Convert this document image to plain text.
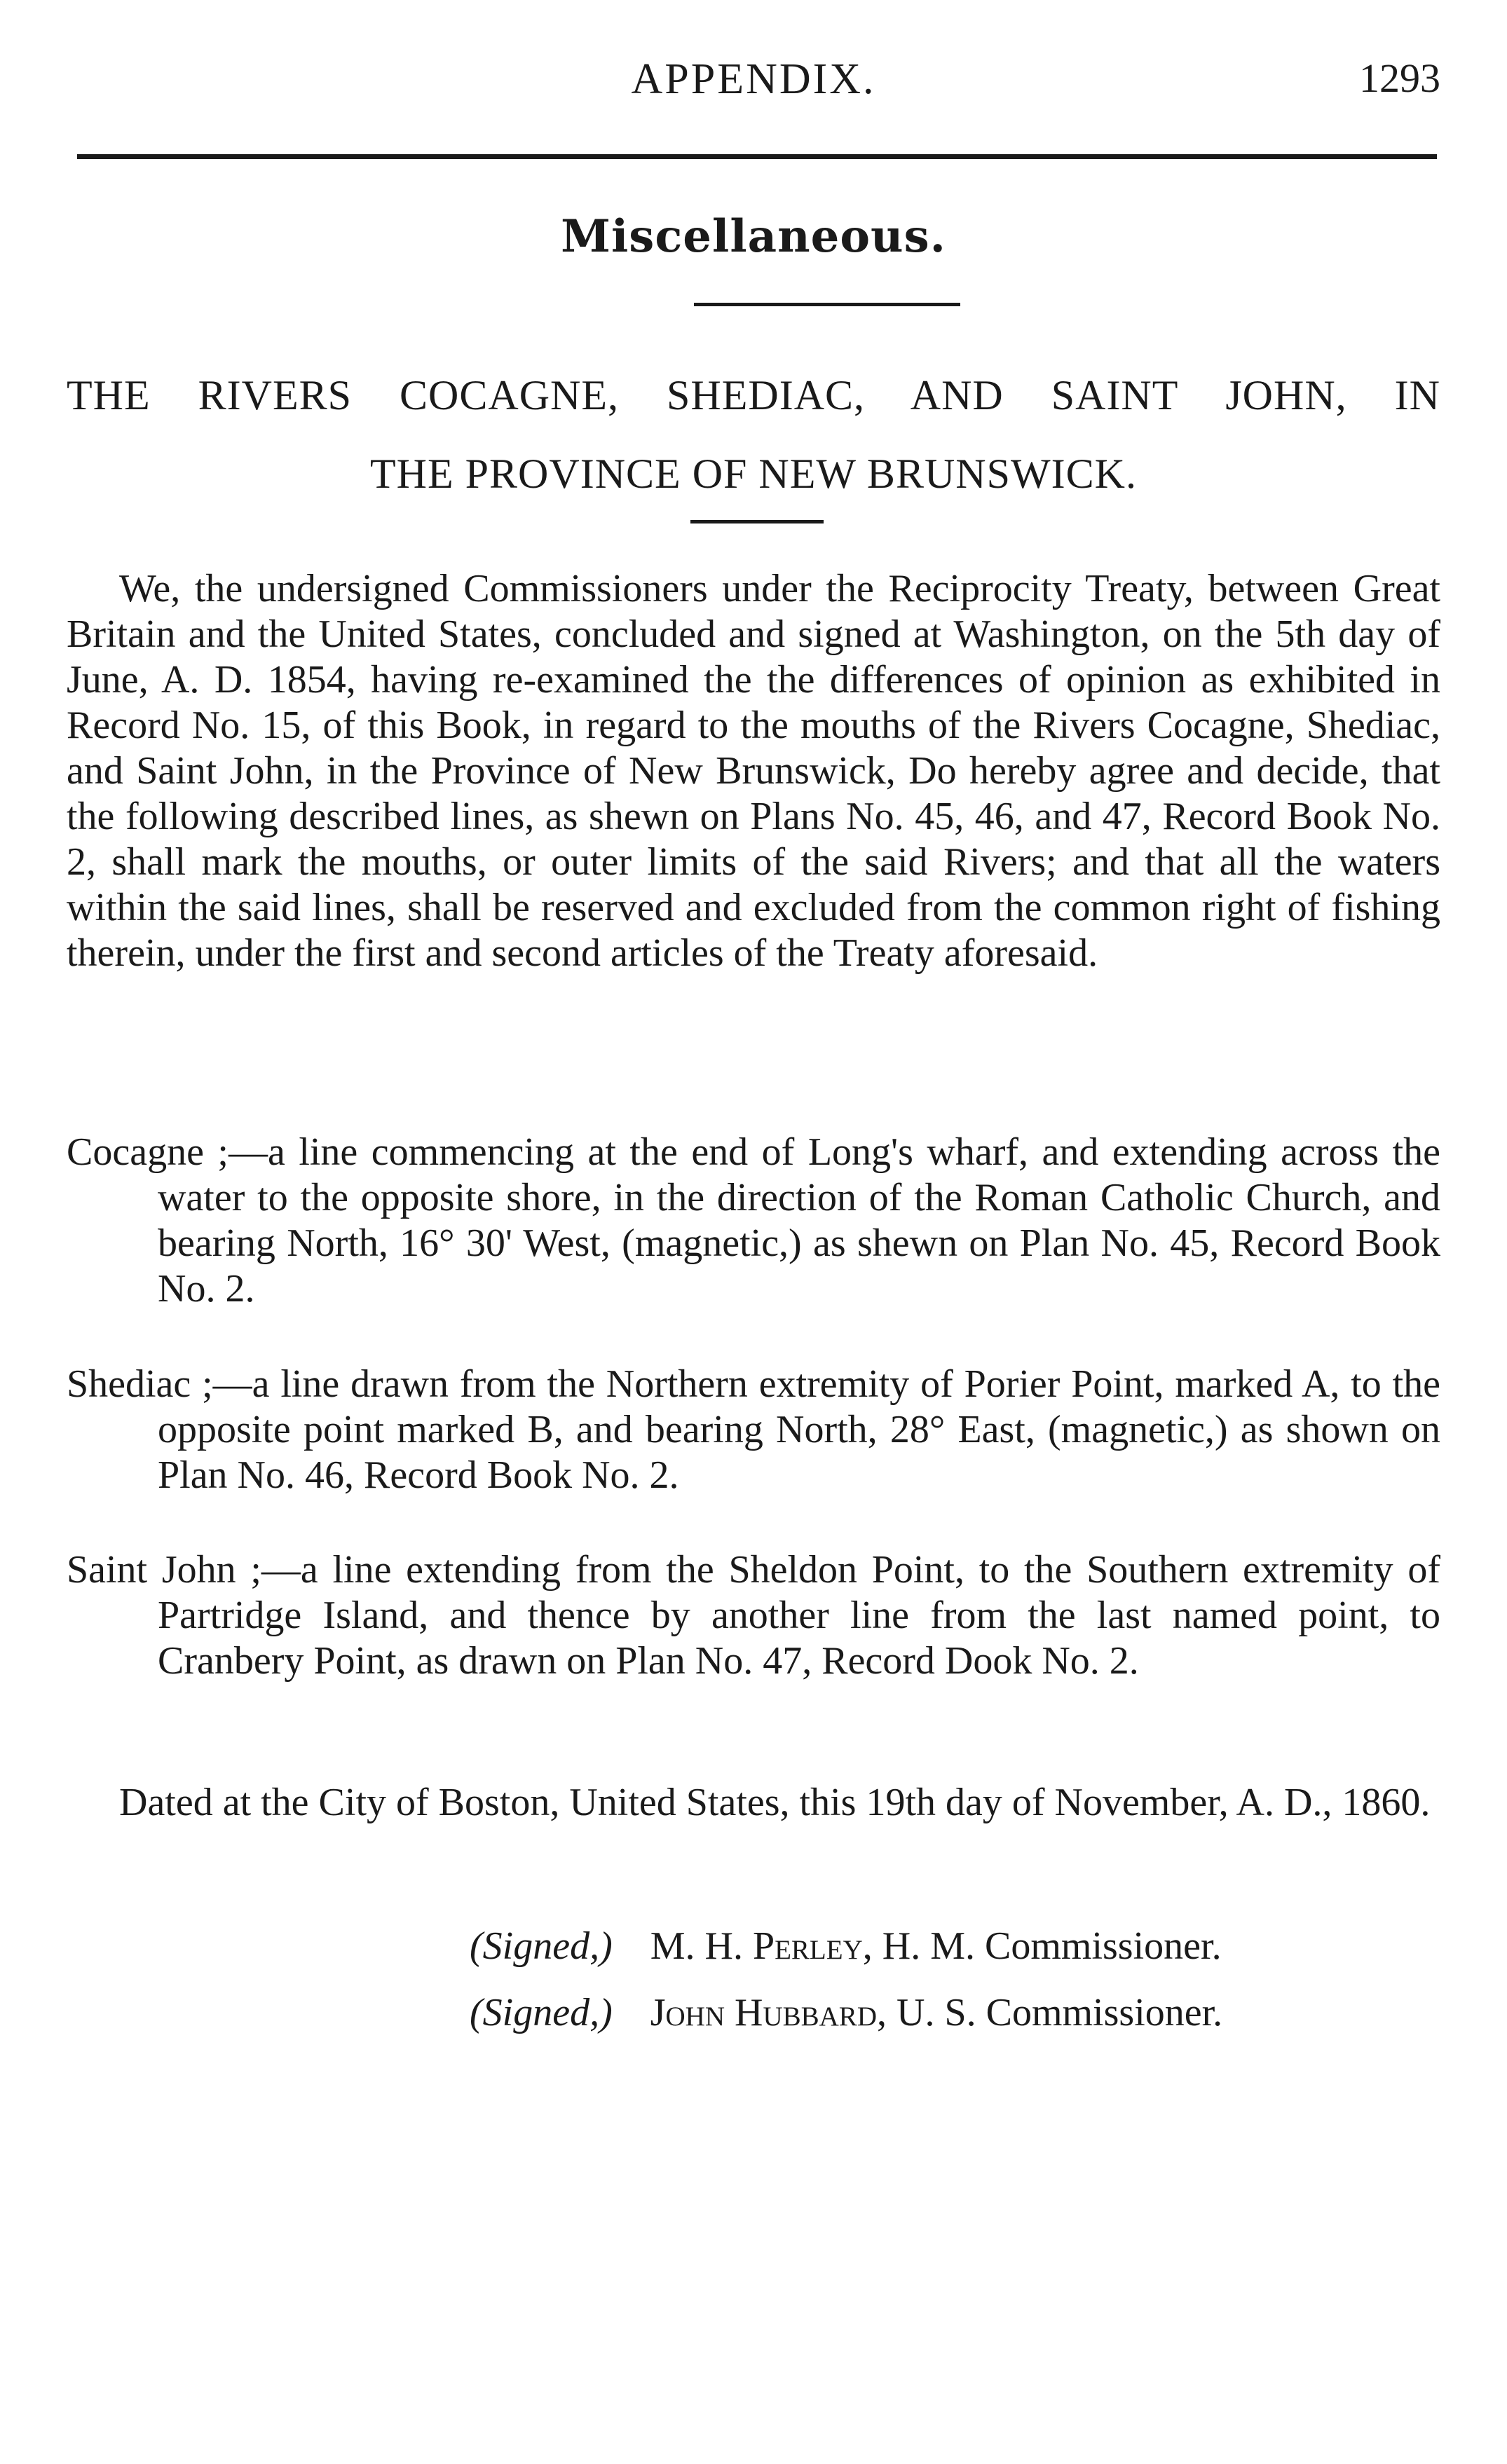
APPENDIX.	1293
Miscellaneous.
THE RIVERS COCAGNE, SHEDIAC, AND SAINT JOHN, IN
THE PROVINCE OF NEW BRUNSWICK.

We, the undersigned Commissioners under the Reciprocity Treaty, between Great Britain and the United States, concluded and signed at Washington, on the 5th day of June, A. D. 1854, having re-examined the the differences of opinion as exhibited in Record No. 15, of this Book, in regard to the mouths of the Rivers Cocagne, Shediac, and Saint John, in the Province of New Brunswick, Do hereby agree and decide, that the following described lines, as shewn on Plans No. 45, 46, and 47, Record Book No. 2, shall mark the mouths, or outer limits of the said Rivers; and that all the waters within the said lines, shall be reserved and excluded from the common right of fishing therein, under the first and second articles of the Treaty aforesaid.

Cocagne ;—a line commencing at the end of Long's wharf, and extending across the water to the opposite shore, in the direction of the Roman Catholic Church, and bearing North, 16° 30' West, (magnetic,) as shewn on Plan No. 45, Record Book No. 2.

Shediac ;—a line drawn from the Northern extremity of Porier Point, marked A, to the opposite point marked B, and bearing North, 28° East, (magnetic,) as shown on Plan No. 46, Record Book No. 2.

Saint John ;—a line extending from the Sheldon Point, to the Southern extremity of Partridge Island, and thence by another line from the last named point, to Cranbery Point, as drawn on Plan No. 47, Record Dook No. 2.

Dated at the City of Boston, United States, this 19th day of November, A. D., 1860.

(Signed,) M. H. Perley, H. M. Commissioner.
(Signed,) John Hubbard, U. S. Commissioner.
